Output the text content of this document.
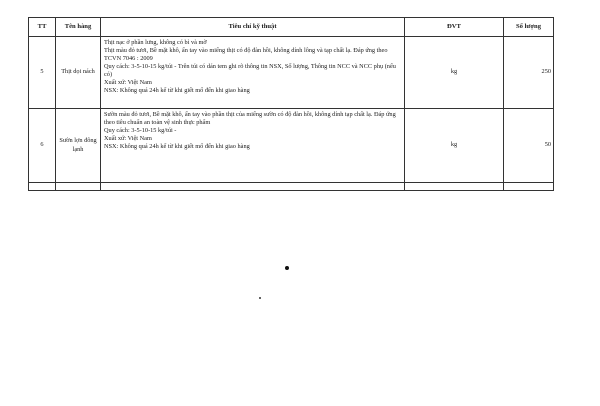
TT	Tên hàng	Tiêu chí kỹ thuật	ĐVT	Số lượng
5	Thịt dọi nách	Thịt nạc ở phần lưng, không có bì và mỡ
Thịt màu đỏ tươi, Bề mặt khô, ấn tay vào miếng thịt có độ đàn hồi, không dính lông và tạp chất lạ. Đáp ứng theo TCVN 7046 : 2009
Quy cách: 3-5-10-15 kg/túi - Trên túi có dán tem ghi rõ thông tin NSX, Số lượng, Thông tin NCC và NCC phụ (nếu có)
Xuất xứ: Việt Nam
NSX: Không quá 24h kể từ khi giết mổ đến khi giao hàng	kg	250
6	Sườn lợn đông lạnh	Sườn màu đỏ tươi, Bề mặt khô, ấn tay vào phần thịt của miếng sườn có độ đàn hồi, không dính tạp chất lạ. Đáp ứng theo tiêu chuẩn an toàn vệ sinh thực phẩm
Quy cách: 3-5-10-15 kg/túi -
Xuất xứ: Việt Nam
NSX: Không quá 24h kể từ khi giết mổ đến khi giao hàng	kg	50
